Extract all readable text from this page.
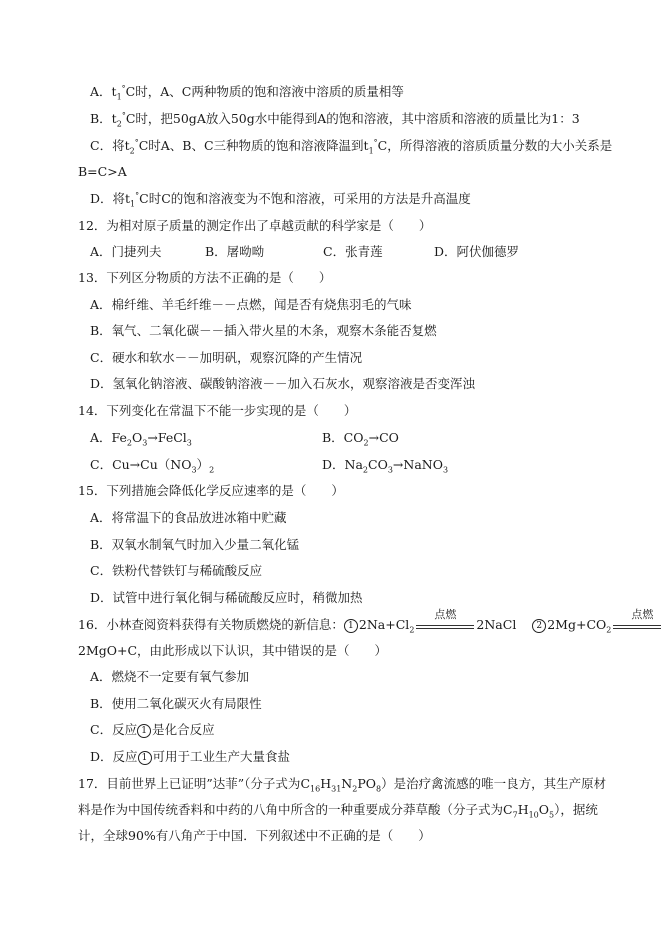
A．$t_1^\circ C$时，A、C两种物质的饱和溶液中溶质的质量相等
B．$t_2^\circ C$时，把50gA放入50g水中能得到A的饱和溶液，其中溶质和溶液的质量比为1：3
C．将$t_2^\circ C$时A、B、C三种物质的饱和溶液降温到$t_1^\circ C$，所得溶液的溶质质量分数的大小关系是
B=C>A
D．将$t_1^\circ C$时C的饱和溶液变为不饱和溶液，可采用的方法是升高温度
12．为相对原子质量的测定作出了卓越贡献的科学家是（　　）
A．门捷列夫	B．屠呦呦	C．张青莲	D．阿伏伽德罗
13．下列区分物质的方法不正确的是（　　）
A．棉纤维、羊毛纤维－－点燃，闻是否有烧焦羽毛的气味
B．氧气、二氧化碳－－插入带火星的木条，观察木条能否复燃
C．硬水和软水－－加明矾，观察沉降的产生情况
D．氢氧化钠溶液、碳酸钠溶液－－加入石灰水，观察溶液是否变浑浊
14．下列变化在常温下不能一步实现的是（　　）
A．$Fe_2O_3\to FeCl_3$	B．$CO_2\to CO$
C．$Cu\to Cu(NO_3)_2$	D．$Na_2CO_3\to NaNO_3$
15．下列措施会降低化学反应速率的是（　　）
A．将常温下的食品放进冰箱中贮藏
B．双氧水制氧气时加入少量二氧化锰
C．铁粉代替铁钉与稀硫酸反应
D．试管中进行氧化铜与稀硫酸反应时，稍微加热
16．小林查阅资料获得有关物质燃烧的新信息： 1 $2Na+Cl_2$
点燃
2NaCl    2 $2Mg+CO_2$
点燃
2MgO+C，由此形成以下认识，其中错误的是（　　）
A．燃烧不一定要有氧气参加
B．使用二氧化碳灭火有局限性
C．反应 1 是化合反应
D．反应 1 可用于工业生产大量食盐
17．目前世界上已证明”达菲”（分子式为$C_{16}H_{31}N_2PO_8$）是治疗禽流感的唯一良方，其生产原材
料是作为中国传统香料和中药的八角中所含的一种重要成分莽草酸（分子式为$C_7H_{10}O_5$），据统
计，全球90%有八角产于中国．下列叙述中不正确的是（　　）
